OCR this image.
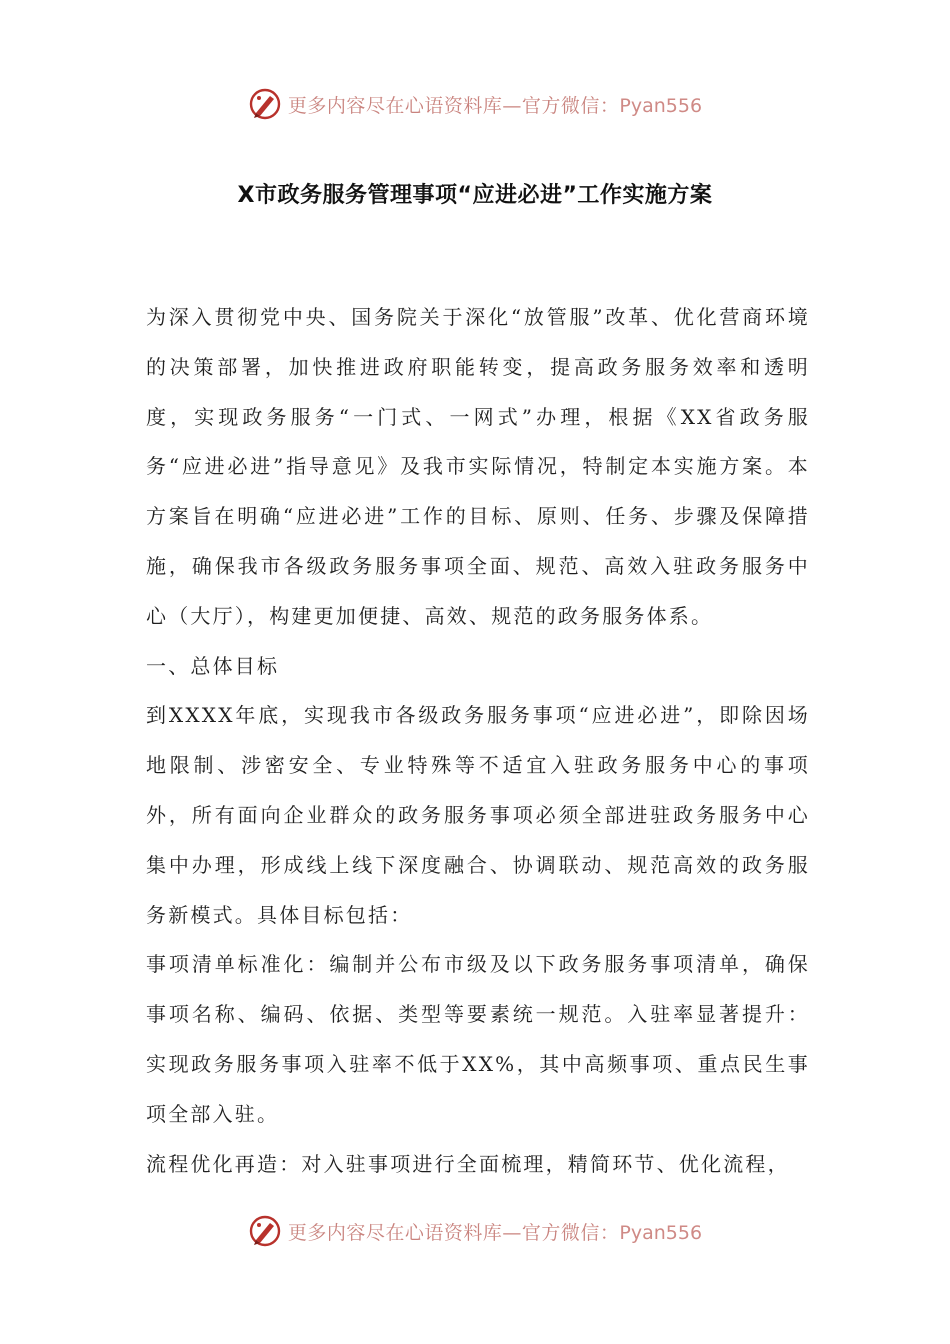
更多内容尽在心语资料库—官方微信：Pyan556
X市政务服务管理事项“应进必进”工作实施方案

为深入贯彻党中央、国务院关于深化“放管服”改革、优化营商环境的决策部署，加快推进政府职能转变，提高政务服务效率和透明度，实现政务服务“一门式、一网式”办理，根据《XX省政务服务“应进必进”指导意见》及我市实际情况，特制定本实施方案。本方案旨在明确“应进必进”工作的目标、原则、任务、步骤及保障措施，确保我市各级政务服务事项全面、规范、高效入驻政务服务中心（大厅），构建更加便捷、高效、规范的政务服务体系。

一、总体目标

到XXXX年底，实现我市各级政务服务事项“应进必进”，即除因场地限制、涉密安全、专业特殊等不适宜入驻政务服务中心的事项外，所有面向企业群众的政务服务事项必须全部进驻政务服务中心集中办理，形成线上线下深度融合、协调联动、规范高效的政务服务新模式。具体目标包括：

事项清单标准化：编制并公布市级及以下政务服务事项清单，确保事项名称、编码、依据、类型等要素统一规范。入驻率显著提升：实现政务服务事项入驻率不低于XX%，其中高频事项、重点民生事项全部入驻。

流程优化再造：对入驻事项进行全面梳理，精简环节、优化流程，

更多内容尽在心语资料库—官方微信：Pyan556
